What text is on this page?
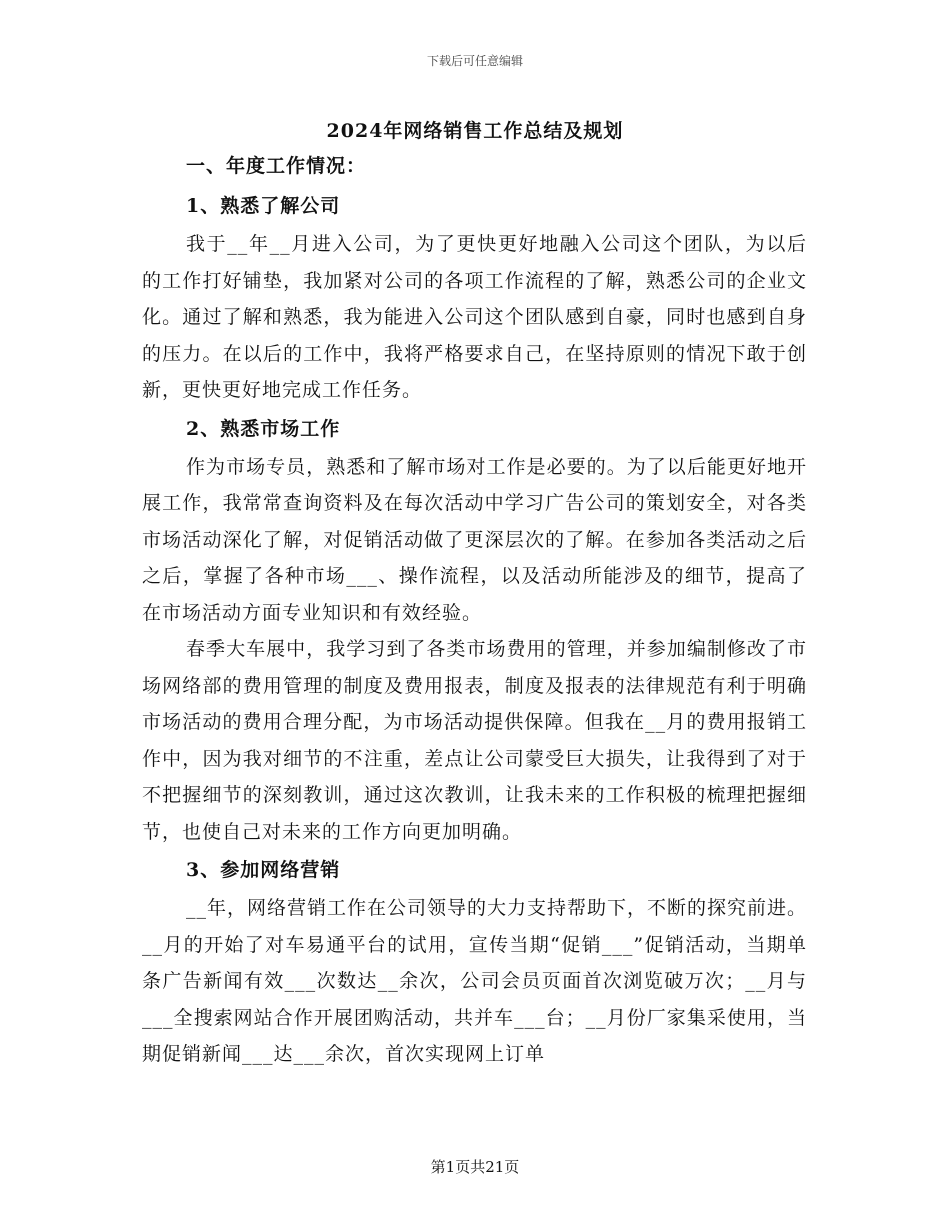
下载后可任意编辑
2024年网络销售工作总结及规划
一、年度工作情况：
1、熟悉了解公司

我于__年__月进入公司，为了更快更好地融入公司这个团队，为以后的工作打好铺垫，我加紧对公司的各项工作流程的了解，熟悉公司的企业文化。通过了解和熟悉，我为能进入公司这个团队感到自豪，同时也感到自身的压力。在以后的工作中，我将严格要求自己，在坚持原则的情况下敢于创新，更快更好地完成工作任务。

2、熟悉市场工作

作为市场专员，熟悉和了解市场对工作是必要的。为了以后能更好地开展工作，我常常查询资料及在每次活动中学习广告公司的策划安全，对各类市场活动深化了解，对促销活动做了更深层次的了解。在参加各类活动之后之后，掌握了各种市场___、操作流程，以及活动所能涉及的细节，提高了在市场活动方面专业知识和有效经验。

春季大车展中，我学习到了各类市场费用的管理，并参加编制修改了市场网络部的费用管理的制度及费用报表，制度及报表的法律规范有利于明确市场活动的费用合理分配，为市场活动提供保障。但我在__月的费用报销工作中，因为我对细节的不注重，差点让公司蒙受巨大损失，让我得到了对于不把握细节的深刻教训，通过这次教训，让我未来的工作积极的梳理把握细节，也使自己对未来的工作方向更加明确。

3、参加网络营销

__年，网络营销工作在公司领导的大力支持帮助下，不断的探究前进。__月的开始了对车易通平台的试用，宣传当期“促销___”促销活动，当期单条广告新闻有效___次数达__余次，公司会员页面首次浏览破万次；__月与___全搜索网站合作开展团购活动，共并车___台；__月份厂家集采使用，当期促销新闻___达___余次，首次实现网上订单

第1页共21页
